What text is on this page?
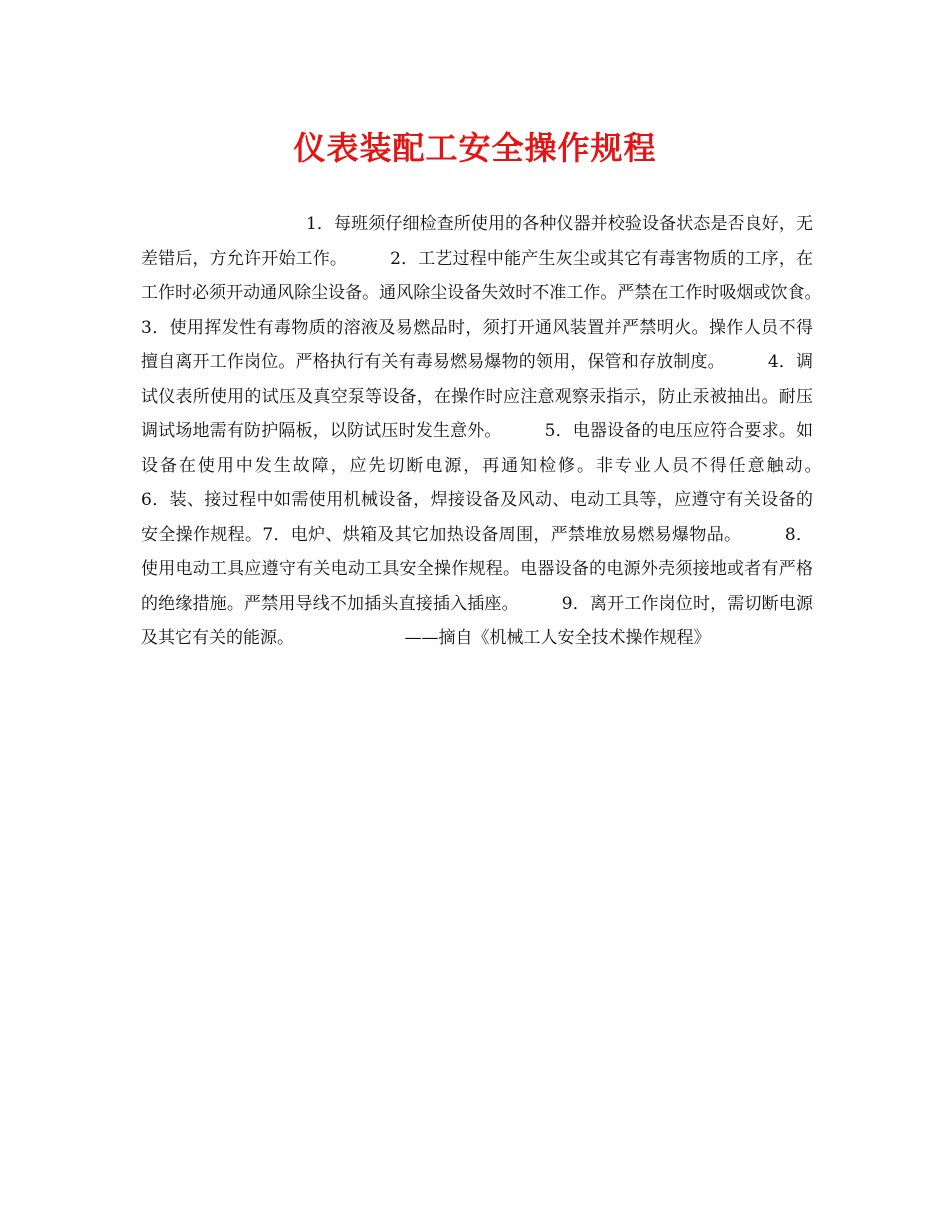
仪表装配工安全操作规程

1．每班须仔细检查所使用的各种仪器并校验设备状态是否良好，无差错后，方允许开始工作。　　　	2．工艺过程中能产生灰尘或其它有毒害物质的工序，在工作时必须开动通风除尘设备。通风除尘设备失效时不准工作。严禁在工作时吸烟或饮食。　　　3．使用挥发性有毒物质的溶液及易燃品时，须打开通风装置并严禁明火。操作人员不得擅自离开工作岗位。严格执行有关有毒易燃易爆物的领用，保管和存放制度。　　　	4．调试仪表所使用的试压及真空泵等设备，在操作时应注意观察汞指示，防止汞被抽出。耐压调试场地需有防护隔板，以防试压时发生意外。　　　	5．电器设备的电压应符合要求。如设备在使用中发生故障，应先切断电源，再通知检修。非专业人员不得任意触动。　　　6．装、接过程中如需使用机械设备，焊接设备及风动、电动工具等，应遵守有关设备的安全操作规程。7．电炉、烘箱及其它加热设备周围，严禁堆放易燃易爆物品。　　　	8．使用电动工具应遵守有关电动工具安全操作规程。电器设备的电源外壳须接地或者有严格的绝缘措施。严禁用导线不加插头直接插入插座。　　　	9．离开工作岗位时，需切断电源及其它有关的能源。　　　　　　　	——摘自《机械工人安全技术操作规程》
